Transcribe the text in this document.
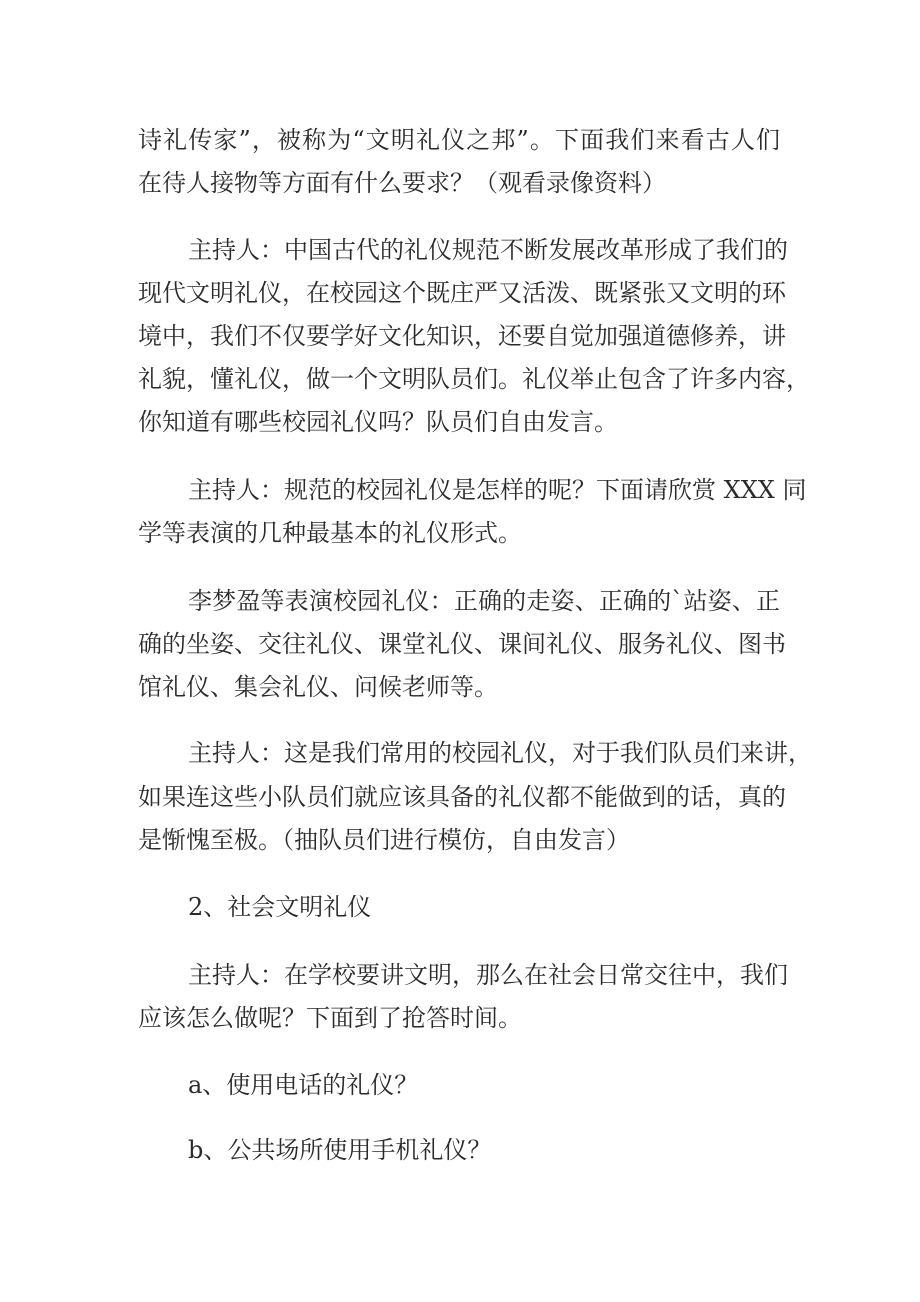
诗礼传家”，被称为“文明礼仪之邦”。下面我们来看古人们
在待人接物等方面有什么要求？（观看录像资料）
主持人：中国古代的礼仪规范不断发展改革形成了我们的
现代文明礼仪，在校园这个既庄严又活泼、既紧张又文明的环
境中，我们不仅要学好文化知识，还要自觉加强道德修养，讲
礼貌，懂礼仪，做一个文明队员们。礼仪举止包含了许多内容，
你知道有哪些校园礼仪吗？队员们自由发言。
主持人：规范的校园礼仪是怎样的呢？下面请欣赏 XXX 同
学等表演的几种最基本的礼仪形式。
李梦盈等表演校园礼仪：正确的走姿、正确的`站姿、正
确的坐姿、交往礼仪、课堂礼仪、课间礼仪、服务礼仪、图书
馆礼仪、集会礼仪、问候老师等。
主持人：这是我们常用的校园礼仪，对于我们队员们来讲，
如果连这些小队员们就应该具备的礼仪都不能做到的话，真的
是惭愧至极。（抽队员们进行模仿，自由发言）
2、社会文明礼仪
主持人：在学校要讲文明，那么在社会日常交往中，我们
应该怎么做呢？下面到了抢答时间。
a、使用电话的礼仪？
b、公共场所使用手机礼仪？
